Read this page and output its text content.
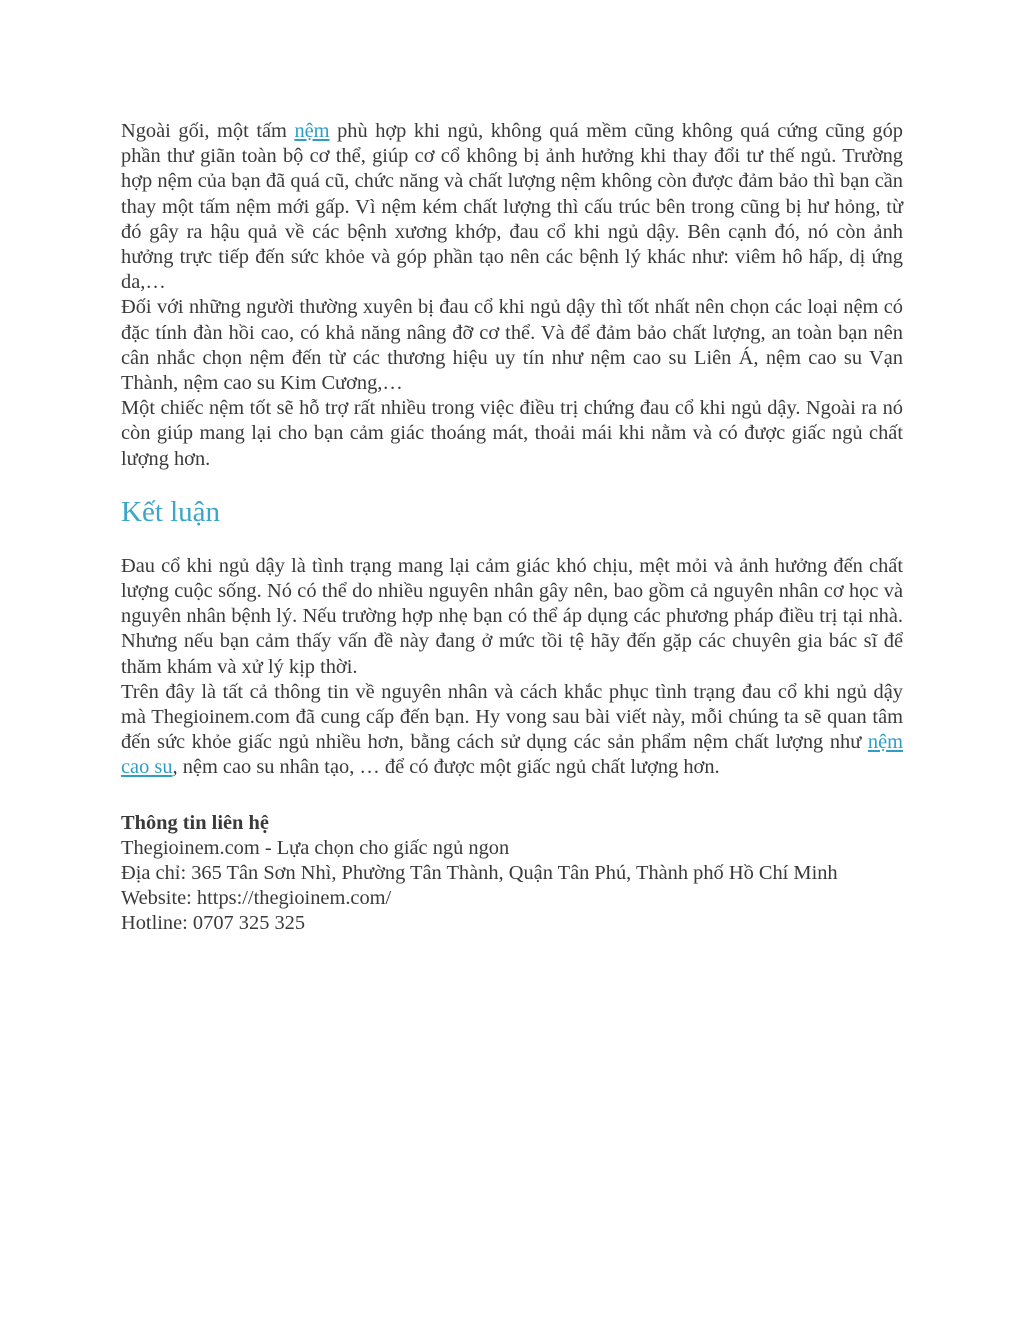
Ngoài gối, một tấm nệm phù hợp khi ngủ, không quá mềm cũng không quá cứng cũng góp phần thư giãn toàn bộ cơ thể, giúp cơ cổ không bị ảnh hưởng khi thay đổi tư thế ngủ. Trường hợp nệm của bạn đã quá cũ, chức năng và chất lượng nệm không còn được đảm bảo thì bạn cần thay một tấm nệm mới gấp. Vì nệm kém chất lượng thì cấu trúc bên trong cũng bị hư hỏng, từ đó gây ra hậu quả về các bệnh xương khớp, đau cổ khi ngủ dậy. Bên cạnh đó, nó còn ảnh hưởng trực tiếp đến sức khỏe và góp phần tạo nên các bệnh lý khác như: viêm hô hấp, dị ứng da,…

Đối với những người thường xuyên bị đau cổ khi ngủ dậy thì tốt nhất nên chọn các loại nệm có đặc tính đàn hồi cao, có khả năng nâng đỡ cơ thể. Và để đảm bảo chất lượng, an toàn bạn nên cân nhắc chọn nệm đến từ các thương hiệu uy tín như nệm cao su Liên Á, nệm cao su Vạn Thành, nệm cao su Kim Cương,…

Một chiếc nệm tốt sẽ hỗ trợ rất nhiều trong việc điều trị chứng đau cổ khi ngủ dậy. Ngoài ra nó còn giúp mang lại cho bạn cảm giác thoáng mát, thoải mái khi nằm và có được giấc ngủ chất lượng hơn.

Kết luận

Đau cổ khi ngủ dậy là tình trạng mang lại cảm giác khó chịu, mệt mỏi và ảnh hưởng đến chất lượng cuộc sống. Nó có thể do nhiều nguyên nhân gây nên, bao gồm cả nguyên nhân cơ học và nguyên nhân bệnh lý. Nếu trường hợp nhẹ bạn có thể áp dụng các phương pháp điều trị tại nhà. Nhưng nếu bạn cảm thấy vấn đề này đang ở mức tồi tệ hãy đến gặp các chuyên gia bác sĩ để thăm khám và xử lý kịp thời.

Trên đây là tất cả thông tin về nguyên nhân và cách khắc phục tình trạng đau cổ khi ngủ dậy mà Thegioinem.com đã cung cấp đến bạn. Hy vong sau bài viết này, mỗi chúng ta sẽ quan tâm đến sức khỏe giấc ngủ nhiều hơn, bằng cách sử dụng các sản phẩm nệm chất lượng như nệm cao su, nệm cao su nhân tạo, … để có được một giấc ngủ chất lượng hơn.

Thông tin liên hệ

Thegioinem.com - Lựa chọn cho giấc ngủ ngon

Địa chỉ: 365 Tân Sơn Nhì, Phường Tân Thành, Quận Tân Phú, Thành phố Hồ Chí Minh

Website: https://thegioinem.com/

Hotline: 0707 325 325
